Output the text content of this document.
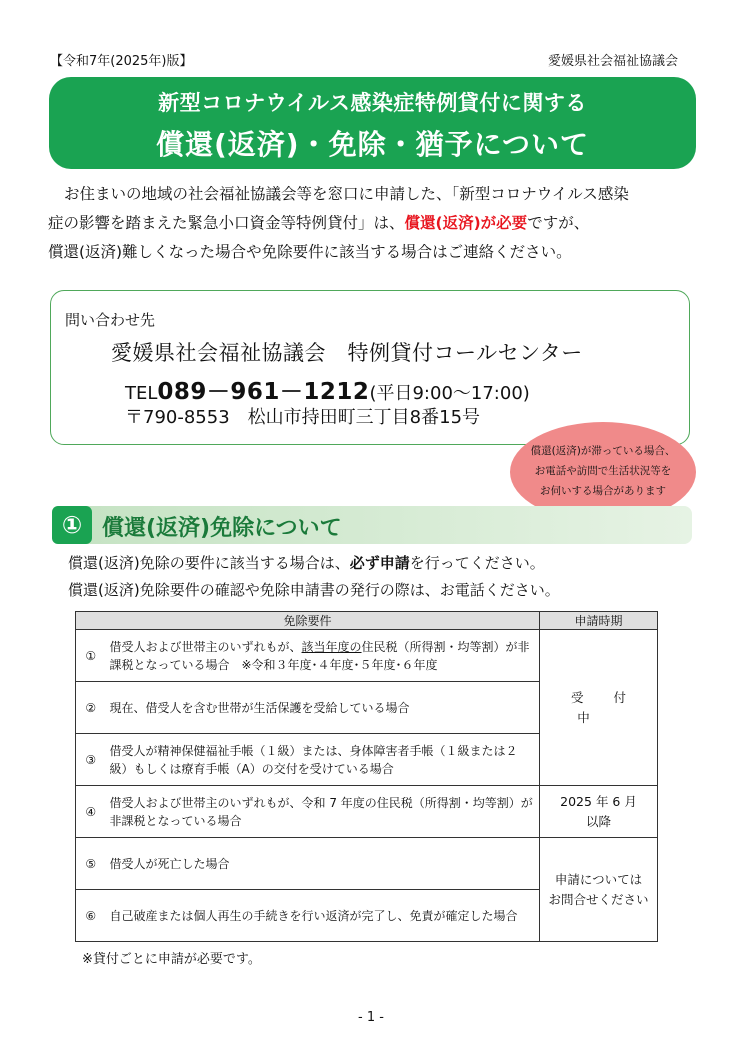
【令和7年(2025年)版】	愛媛県社会福祉協議会
新型コロナウイルス感染症特例貸付に関する
償還(返済)・免除・猶予について
お住まいの地域の社会福祉協議会等を窓口に申請した、「新型コロナウイルス感染
症の影響を踏まえた緊急小口資金等特例貸付」は、償還(返済)が必要ですが、
償還(返済)難しくなった場合や免除要件に該当する場合はご連絡ください。
問い合わせ先
愛媛県社会福祉協議会　特例貸付コールセンター
TEL089－961－1212(平日9:00～17:00)
〒790-8553　松山市持田町三丁目8番15号
償還(返済)が滞っている場合、
お電話や訪問で生活状況等を
お伺いする場合があります
① 償還(返済)免除について
償還(返済)免除の要件に該当する場合は、必ず申請を行ってください。
償還(返済)免除要件の確認や免除申請書の発行の際は、お電話ください。
免除要件		申請時期
①	借受人および世帯主のいずれもが、該当年度の住民税（所得割・均等割）が非課税となっている場合　※令和３年度･４年度･５年度･６年度	受付中
②	現在、借受人を含む世帯が生活保護を受給している場合	
③	借受人が精神保健福祉手帳（１級）または、身体障害者手帳（１級または２級）もしくは療育手帳（A）の交付を受けている場合	
④	借受人および世帯主のいずれもが、令和 7 年度の住民税（所得割・均等割）が非課税となっている場合	2025 年 6 月
以降

⑤	借受人が死亡した場合	申請については
お問合せください

⑥	自己破産または個人再生の手続きを行い返済が完了し、免責が確定した場合	
※貸付ごとに申請が必要です。
- 1 -
